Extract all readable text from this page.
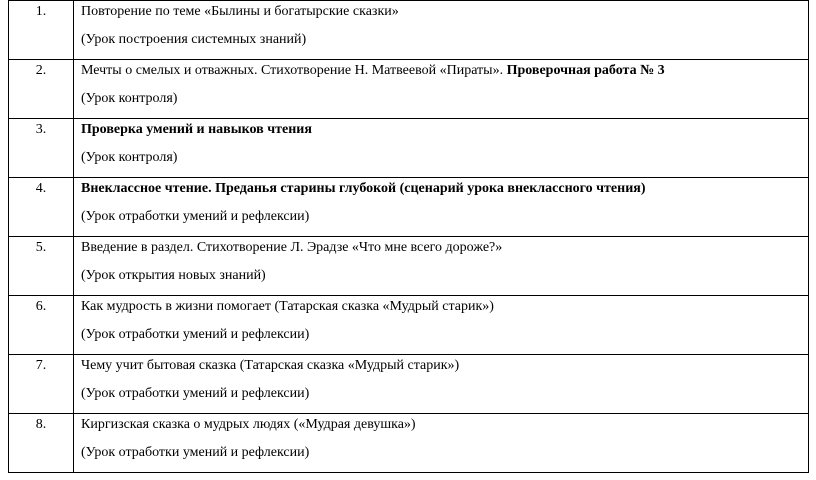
1.	Повторение по теме «Былины и богатырские сказки»
(Урок построения системных знаний)

2.	Мечты о смелых и отважных. Стихотворение Н. Матвеевой «Пираты». Проверочная работа № 3
(Урок контроля)

3.	Проверка умений и навыков чтения
(Урок контроля)

4.	Внеклассное чтение. Преданья старины глубокой (сценарий урока внеклассного чтения)
(Урок отработки умений и рефлексии)

5.	Введение в раздел. Стихотворение Л. Эрадзе «Что мне всего дороже?»
(Урок открытия новых знаний)

6.	Как мудрость в жизни помогает (Татарская сказка «Мудрый старик»)
(Урок отработки умений и рефлексии)

7.	Чему учит бытовая сказка (Татарская сказка «Мудрый старик»)
(Урок отработки умений и рефлексии)

8.	Киргизская сказка о мудрых людях («Мудрая девушка»)
(Урок отработки умений и рефлексии)
